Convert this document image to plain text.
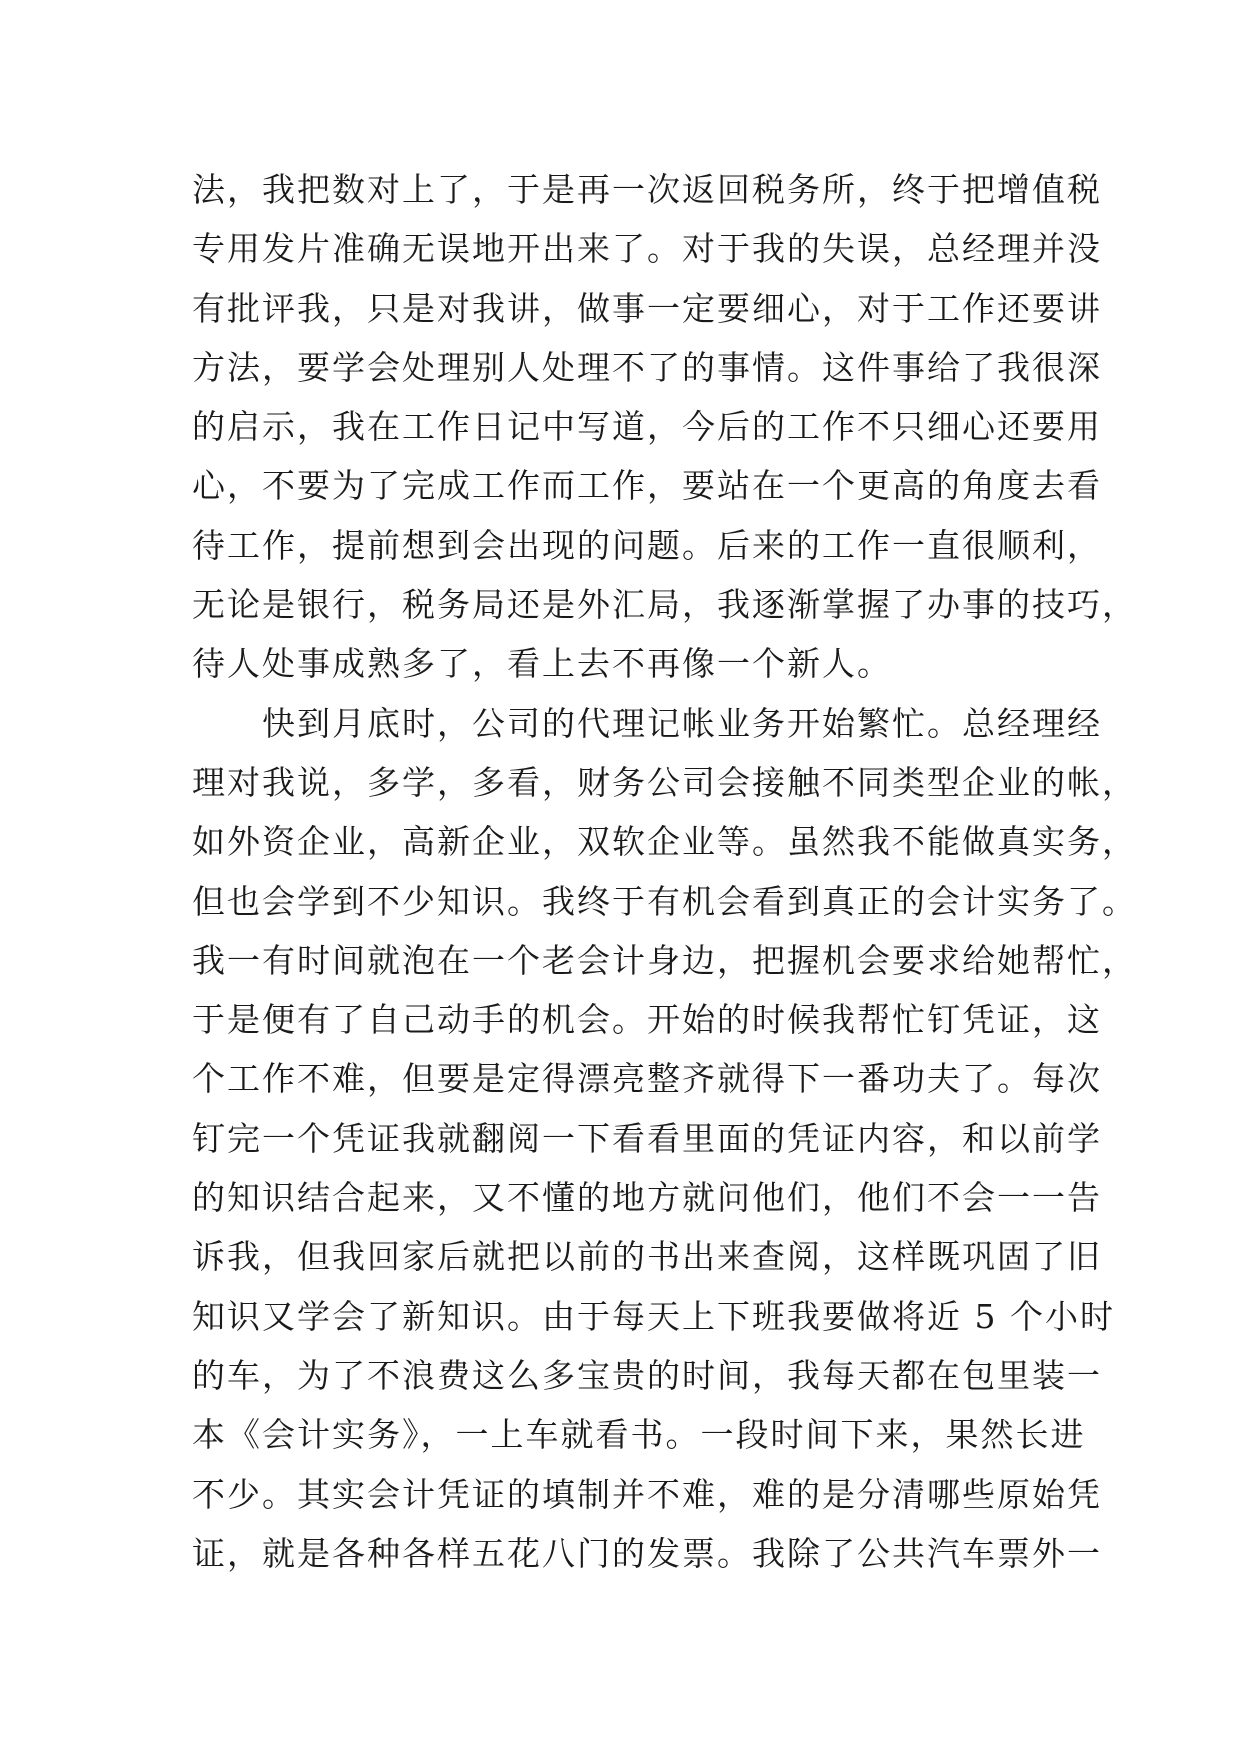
法，我把数对上了，于是再一次返回税务所，终于把增值税
专用发片准确无误地开出来了。对于我的失误，总经理并没
有批评我，只是对我讲，做事一定要细心，对于工作还要讲
方法，要学会处理别人处理不了的事情。这件事给了我很深
的启示，我在工作日记中写道，今后的工作不只细心还要用
心，不要为了完成工作而工作，要站在一个更高的角度去看
待工作，提前想到会出现的问题。后来的工作一直很顺利，
无论是银行，税务局还是外汇局，我逐渐掌握了办事的技巧，
待人处事成熟多了，看上去不再像一个新人。
快到月底时，公司的代理记帐业务开始繁忙。总经理经
理对我说，多学，多看，财务公司会接触不同类型企业的帐，
如外资企业，高新企业，双软企业等。虽然我不能做真实务，
但也会学到不少知识。我终于有机会看到真正的会计实务了。
我一有时间就泡在一个老会计身边，把握机会要求给她帮忙，
于是便有了自己动手的机会。开始的时候我帮忙钉凭证，这
个工作不难，但要是定得漂亮整齐就得下一番功夫了。每次
钉完一个凭证我就翻阅一下看看里面的凭证内容，和以前学
的知识结合起来，又不懂的地方就问他们，他们不会一一告
诉我，但我回家后就把以前的书出来查阅，这样既巩固了旧
知识又学会了新知识。由于每天上下班我要做将近 5 个小时
的车，为了不浪费这么多宝贵的时间，我每天都在包里装一
本《会计实务》，一上车就看书。一段时间下来，果然长进
不少。其实会计凭证的填制并不难，难的是分清哪些原始凭
证，就是各种各样五花八门的发票。我除了公共汽车票外一
